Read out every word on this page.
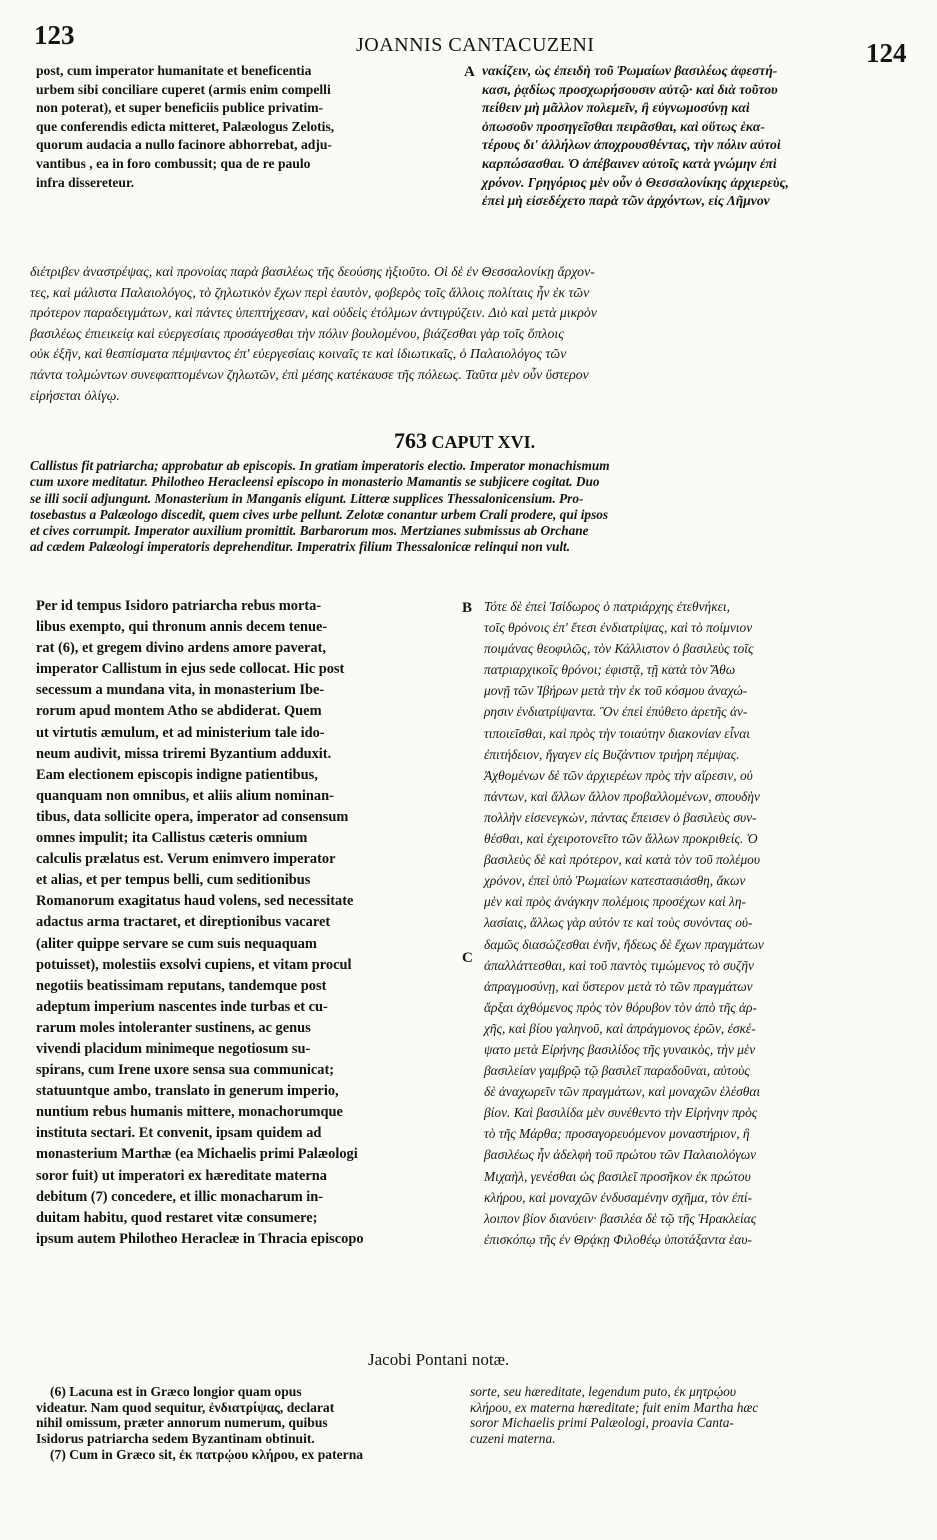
123	JOANNIS CANTACUZENI	124

post, cum imperator humanitate et beneficentia
urbem sibi conciliare cuperet (armis enim compelli
non poterat), et super beneficiis publice privatim-
que conferendis edicta mitteret, Palæologus Zelotis,
quorum audacia a nullo facinore abhorrebat, adju-
vantibus , ea in foro combussit; qua de re paulo
infra dissereteur.

A νακίζειν, ὡς ἐπειδὴ τοῦ Ῥωμαίων βασιλέως ἀφεστή-
κασι, ῥᾳδίως προσχωρήσουσιν αὐτῷ· καὶ διὰ τοῦτου
πείθειν μὴ μᾶλλον πολεμεῖν, ἢ εὐγνωμοσύνῃ καὶ
ὁπωσοῦν προσηγεῖσθαι πειρᾶσθαι, καὶ οὕτως ἑκα-
τέρους δι' ἀλλήλων ἀποχρουσθέντας, τὴν πόλιν αὐτοὶ
καρπώσασθαι. Ὁ ἀπέβαινεν αὐτοῖς κατὰ γνώμην ἐπὶ
χρόνον. Γρηγόριος μὲν οὖν ὁ Θεσσαλονίκης ἀρχιερεὺς,
ἐπεὶ μὴ εἰσεδέχετο παρὰ τῶν ἀρχόντων, εἰς Λῆμνον

διέτριβεν ἀναστρέψας, καὶ προνοίας παρὰ βασιλέως τῆς δεούσης ἠξιοῦτο. Οἱ δὲ ἐν Θεσσαλονίκῃ ἄρχον-
τες, καὶ μάλιστα Παλαιολόγος, τὸ ζηλωτικὸν ἔχων περὶ ἑαυτὸν, φοβερὸς τοῖς ἄλλοις πολίταις ἦν ἐκ τῶν
πρότερον παραδειγμάτων, καὶ πάντες ὑπεπτήχεσαν, καὶ οὐδεὶς ἐτόλμων ἀντιγρύζειν. Διὸ καὶ μετὰ μικρὸν
βασιλέως ἐπιεικείᾳ καὶ εὐεργεσίαις προσάγεσθαι τὴν πόλιν βουλομένου, βιάζεσθαι γὰρ τοῖς ὅπλοις
οὐκ ἐξῆν, καὶ θεσπίσματα πέμψαντος ἐπ' εὐεργεσίαις κοιναῖς τε καὶ ἰδιωτικαῖς, ὁ Παλαιολόγος τῶν
πάντα τολμώντων συνεφαπτομένων ζηλωτῶν, ἐπὶ μέσης κατέκαυσε τῆς πόλεως. Ταῦτα μὲν οὖν ὕστερον
εἰρήσεται ὀλίγῳ.

763 CAPUT XVI.

Callistus fit patriarcha; approbatur ab episcopis. In gratiam imperatoris electio. Imperator monachismum
cum uxore meditatur. Philotheo Heracleensi episcopo in monasterio Mamantis se subjicere cogitat. Duo
se illi socii adjungunt. Monasterium in Manganis eligunt. Litteræ supplices Thessalonicensium. Pro-
tosebastus a Palæologo discedit, quem cives urbe pellunt. Zelotæ conantur urbem Crali prodere, qui ipsos
et cives corrumpit. Imperator auxilium promittit. Barbarorum mos. Mertzianes submissus ab Orchane
ad cædem Palæologi imperatoris deprehenditur. Imperatrix filium Thessalonicæ relinqui non vult.

Per id tempus Isidoro patriarcha rebus morta-
libus exempto, qui thronum annis decem tenue-
rat (6), et gregem divino ardens amore paverat,
imperator Callistum in ejus sede collocat. Hic post
secessum a mundana vita, in monasterium Ibe-
rorum apud montem Atho se abdiderat. Quem
ut virtutis æmulum, et ad ministerium tale ido-
neum audivit, missa triremi Byzantium adduxit.
Eam electionem episcopis indigne patientibus,
quanquam non omnibus, et aliis alium nominan-
tibus, data sollicite opera, imperator ad consensum
omnes impulit; ita Callistus cæteris omnium
calculis prælatus est. Verum enimvero imperator
et alias, et per tempus belli, cum seditionibus
Romanorum exagitatus haud volens, sed necessitate
adactus arma tractaret, et direptionibus vacaret
(aliter quippe servare se cum suis nequaquam
potuisset), molestiis exsolvi cupiens, et vitam procul
negotiis beatissimam reputans, tandemque post
adeptum imperium nascentes inde turbas et cu-
rarum moles intoleranter sustinens, ac genus
vivendi placidum minimeque negotiosum su-
spirans, cum Irene uxore sensa sua communicat;
statuuntque ambo, translato in generum imperio,
nuntium rebus humanis mittere, monachorumque
instituta sectari. Et convenit, ipsam quidem ad
monasterium Marthæ (ea Michaelis primi Palæologi
soror fuit) ut imperatori ex hæreditate materna
debitum (7) concedere, et illic monacharum in-
duitam habitu, quod restaret vitæ consumere;
ipsum autem Philotheo Heracleæ in Thracia episcopo

B
C

Τότε δὲ ἐπεὶ Ἰσίδωρος ὁ πατριάρχης ἐτεθνήκει,
τοῖς θρόνοις ἐπ' ἔτεσι ἐνδιατρίψας, καὶ τὸ ποίμνιον
ποιμάνας θεοφιλῶς, τὸν Κάλλιστον ὁ βασιλεὺς τοῖς
πατριαρχικοῖς θρόνοι; ἐφιστᾷ, τῇ κατὰ τὸν Ἄθω
μονῇ τῶν Ἰβήρων μετὰ τὴν ἐκ τοῦ κόσμου ἀναχώ-
ρησιν ἐνδιατρίψαντα. Ὃν ἐπεὶ ἐπύθετο ἀρετῆς ἀν-
τιποιεῖσθαι, καὶ πρὸς τὴν τοιαύτην διακονίαν εἶναι
ἐπιτήδειον, ἤγαγεν εἰς Βυζάντιον τριήρη πέμψας.
Ἀχθομένων δὲ τῶν ἀρχιερέων πρὸς τὴν αἵρεσιν, οὐ
πάντων, καὶ ἄλλων ἄλλον προβαλλομένων, σπουδὴν
πολλὴν εἰσενεγκὼν, πάντας ἔπεισεν ὁ βασιλεὺς συν-
θέσθαι, καὶ ἐχειροτονεῖτο τῶν ἄλλων προκριθείς. Ὁ
βασιλεὺς δὲ καὶ πρότερον, καὶ κατὰ τὸν τοῦ πολέμου
χρόνον, ἐπεὶ ὑπὸ Ῥωμαίων κατεστασιάσθη, ἄκων
μὲν καὶ πρὸς ἀνάγκην πολέμοις προσέχων καὶ λη-
λασίαις, ἄλλως γὰρ αὐτόν τε καὶ τοὺς συνόντας οὐ-
δαμῶς διασώζεσθαι ἐνῆν, ἤδεως δὲ ἔχων πραγμάτων
ἀπαλλάττεσθαι, καὶ τοῦ παντὸς τιμώμενος τὸ συζῆν
ἀπραγμοσύνῃ, καὶ ὕστερον μετὰ τὸ τῶν πραγμάτων
ἄρξαι ἀχθόμενος πρὸς τὸν θόρυβον τὸν ἀπὸ τῆς ἀρ-
χῆς, καὶ βίου γαληνοῦ, καὶ ἀπράγμονος ἐρῶν, ἐσκέ-
ψατο μετὰ Εἰρήνης βασιλίδος τῆς γυναικὸς, τὴν μὲν
βασιλείαν γαμβρῷ τῷ βασιλεῖ παραδοῦναι, αὐτοὺς
δὲ ἀναχωρεῖν τῶν πραγμάτων, καὶ μοναχῶν ἑλέσθαι
βίον. Καὶ βασιλίδα μὲν συνέθεντο τὴν Εἰρήνην πρὸς
τὸ τῆς Μάρθα; προσαγορευόμενον μοναστήριον, ἣ
βασιλέως ἦν ἀδελφὴ τοῦ πρώτου τῶν Παλαιολόγων
Μιχαὴλ, γενέσθαι ὡς βασιλεῖ προσῆκον ἐκ πρώτου
κλήρου, καὶ μοναχῶν ἐνδυσαμένην σχῆμα, τὸν ἐπί-
λοιπον βίον διανύειν· βασιλέα δὲ τῷ τῆς Ἡρακλείας
ἐπισκόπῳ τῆς ἐν Θρᾴκῃ Φιλοθέῳ ὑποτάξαντα ἑαυ-

Jacobi Pontani notæ.

(6) Lacuna est in Græco longior quam opus
videatur. Nam quod sequitur, ἐνδιατρίψας, declarat
nihil omissum, præter annorum numerum, quibus
Isidorus patriarcha sedem Byzantinam obtinuit.

(7) Cum in Græco sit, ἐκ πατρῴου κλήρου, ex paterna

sorte, seu hæreditate, legendum puto, ἐκ μητρῴου
κλήρου, ex materna hæreditate; fuit enim Martha hæc
soror Michaelis primi Palæologi, proavia Canta-
cuzeni materna.
